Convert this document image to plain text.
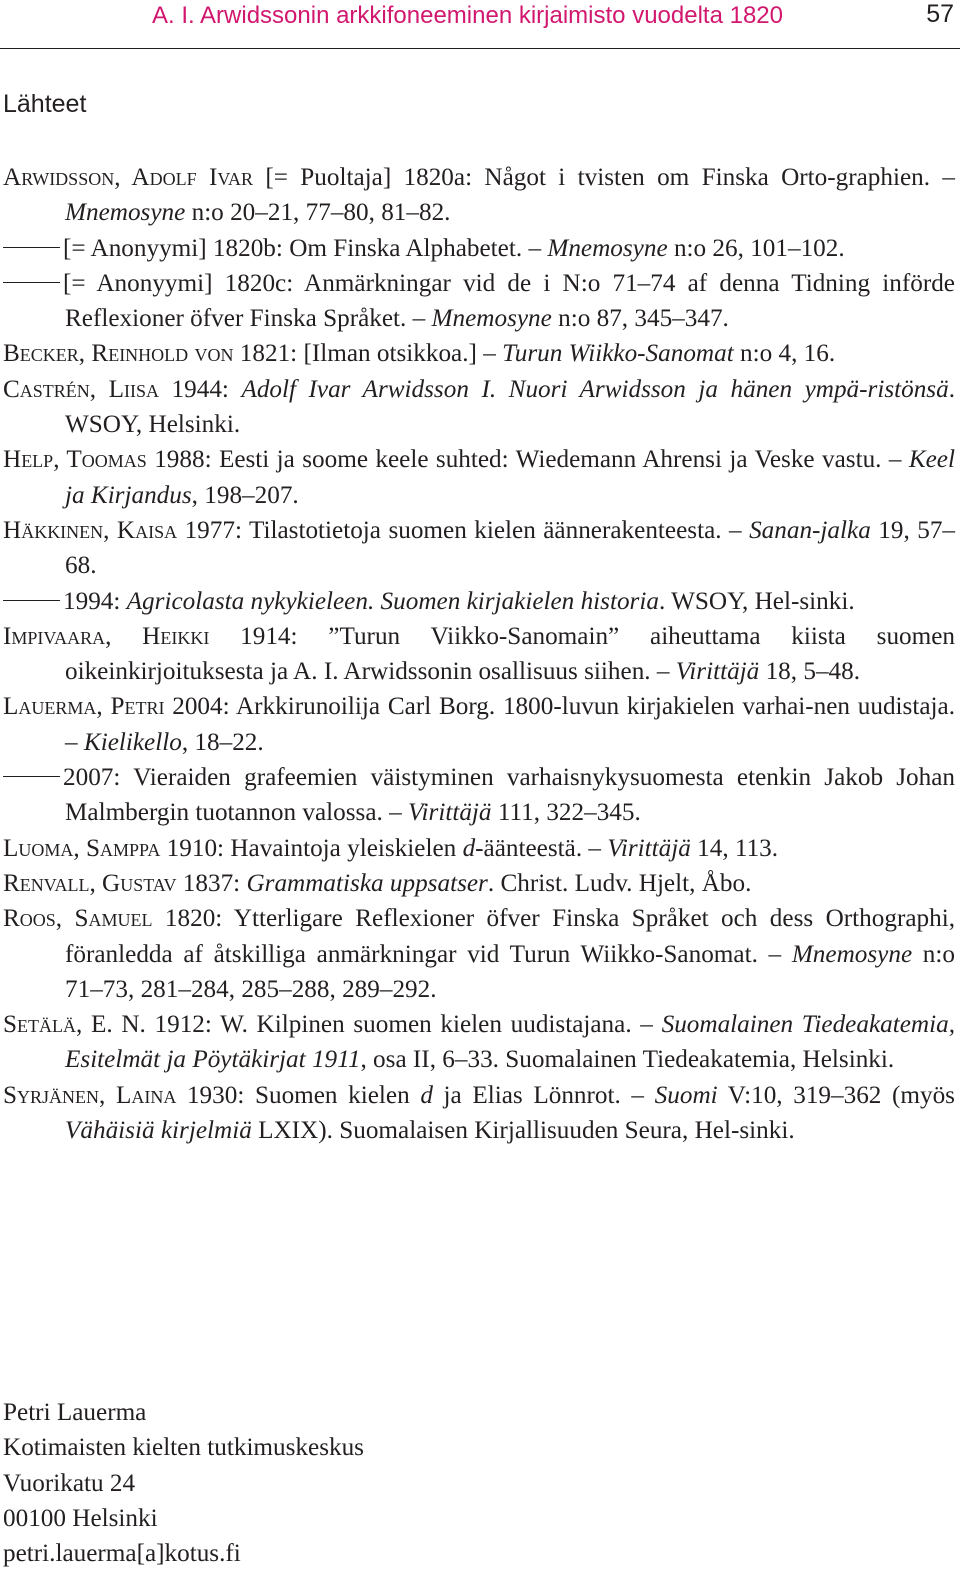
A. I. Arwidssonin arkkifoneeminen kirjaimisto vuodelta 1820	57
Lähteet
Arwidsson, Adolf Ivar [= Puoltaja] 1820a: Något i tvisten om Finska Orto-graphien. – Mnemosyne n:o 20–21, 77–80, 81–82.
[= Anonyymi] 1820b: Om Finska Alphabetet. – Mnemosyne n:o 26, 101–102.
[= Anonyymi] 1820c: Anmärkningar vid de i N:o 71–74 af denna Tidning införde Reflexioner öfver Finska Språket. – Mnemosyne n:o 87, 345–347.
Becker, Reinhold von 1821: [Ilman otsikkoa.] – Turun Wiikko-Sanomat n:o 4, 16.
Castrén, Liisa 1944: Adolf Ivar Arwidsson I. Nuori Arwidsson ja hänen ympä-ristönsä. WSOY, Helsinki.
Help, Toomas 1988: Eesti ja soome keele suhted: Wiedemann Ahrensi ja Veske vastu. – Keel ja Kirjandus, 198–207.
Häkkinen, Kaisa 1977: Tilastotietoja suomen kielen äännerakenteesta. – Sanan-jalka 19, 57–68.
1994: Agricolasta nykykieleen. Suomen kirjakielen historia. WSOY, Hel-sinki.
Impivaara, Heikki 1914: ”Turun Viikko-Sanomain” aiheuttama kiista suomen oikeinkirjoituksesta ja A. I. Arwidssonin osallisuus siihen. – Virittäjä 18, 5–48.
Lauerma, Petri 2004: Arkkirunoilija Carl Borg. 1800-luvun kirjakielen varhai-nen uudistaja. – Kielikello, 18–22.
2007: Vieraiden grafeemien väistyminen varhaisnykysuomesta etenkin Jakob Johan Malmbergin tuotannon valossa. – Virittäjä 111, 322–345.
Luoma, Samppa 1910: Havaintoja yleiskielen d-äänteestä. – Virittäjä 14, 113.
Renvall, Gustav 1837: Grammatiska uppsatser. Christ. Ludv. Hjelt, Åbo.
Roos, Samuel 1820: Ytterligare Reflexioner öfver Finska Språket och dess Orthographi, föranledda af åtskilliga anmärkningar vid Turun Wiikko-Sanomat. – Mnemosyne n:o 71–73, 281–284, 285–288, 289–292.
Setälä, E. N. 1912: W. Kilpinen suomen kielen uudistajana. – Suomalainen Tiedeakatemia, Esitelmät ja Pöytäkirjat 1911, osa II, 6–33. Suomalainen Tiedeakatemia, Helsinki.
Syrjänen, Laina 1930: Suomen kielen d ja Elias Lönnrot. – Suomi V:10, 319–362 (myös Vähäisiä kirjelmiä LXIX). Suomalaisen Kirjallisuuden Seura, Hel-sinki.
Petri Lauerma
Kotimaisten kielten tutkimuskeskus
Vuorikatu 24
00100 Helsinki
petri.lauerma[a]kotus.fi
